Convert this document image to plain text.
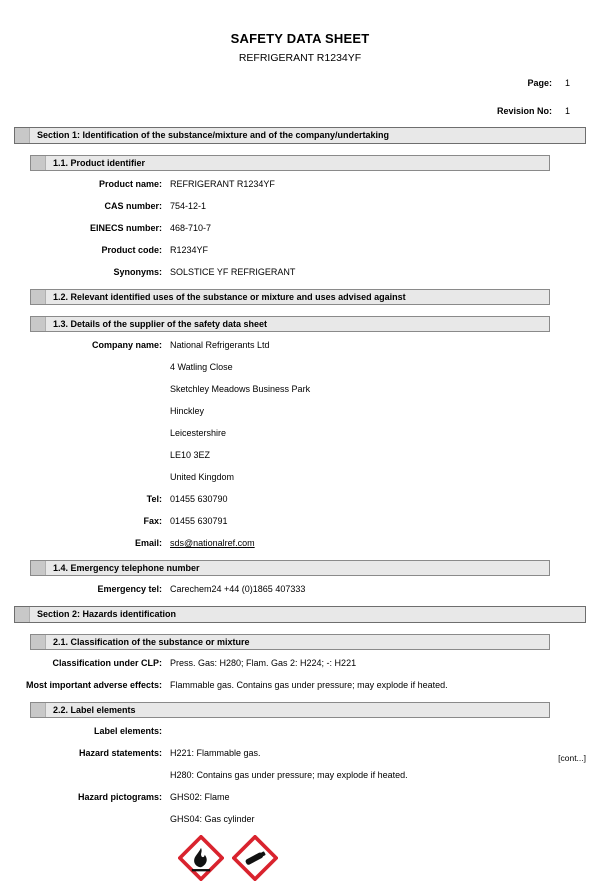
SAFETY DATA SHEET
REFRIGERANT R1234YF
Page:	1
Revision No:	1
Section 1: Identification of the substance/mixture and of the company/undertaking
1.1. Product identifier
Product name: REFRIGERANT R1234YF
CAS number: 754-12-1
EINECS number: 468-710-7
Product code: R1234YF
Synonyms: SOLSTICE YF REFRIGERANT
1.2. Relevant identified uses of the substance or mixture and uses advised against
1.3. Details of the supplier of the safety data sheet
Company name: National Refrigerants Ltd
4 Watling Close
Sketchley Meadows Business Park
Hinckley
Leicestershire
LE10 3EZ
United Kingdom
Tel: 01455 630790
Fax: 01455 630791
Email: sds@nationalref.com
1.4. Emergency telephone number
Emergency tel: Carechem24 +44 (0)1865 407333
Section 2: Hazards identification
2.1. Classification of the substance or mixture
Classification under CLP: Press. Gas: H280; Flam. Gas 2: H224; -: H221
Most important adverse effects: Flammable gas. Contains gas under pressure; may explode if heated.
2.2. Label elements
Label elements:
Hazard statements: H221: Flammable gas.
H280: Contains gas under pressure; may explode if heated.
Hazard pictograms: GHS02: Flame
GHS04: Gas cylinder
[cont...]
